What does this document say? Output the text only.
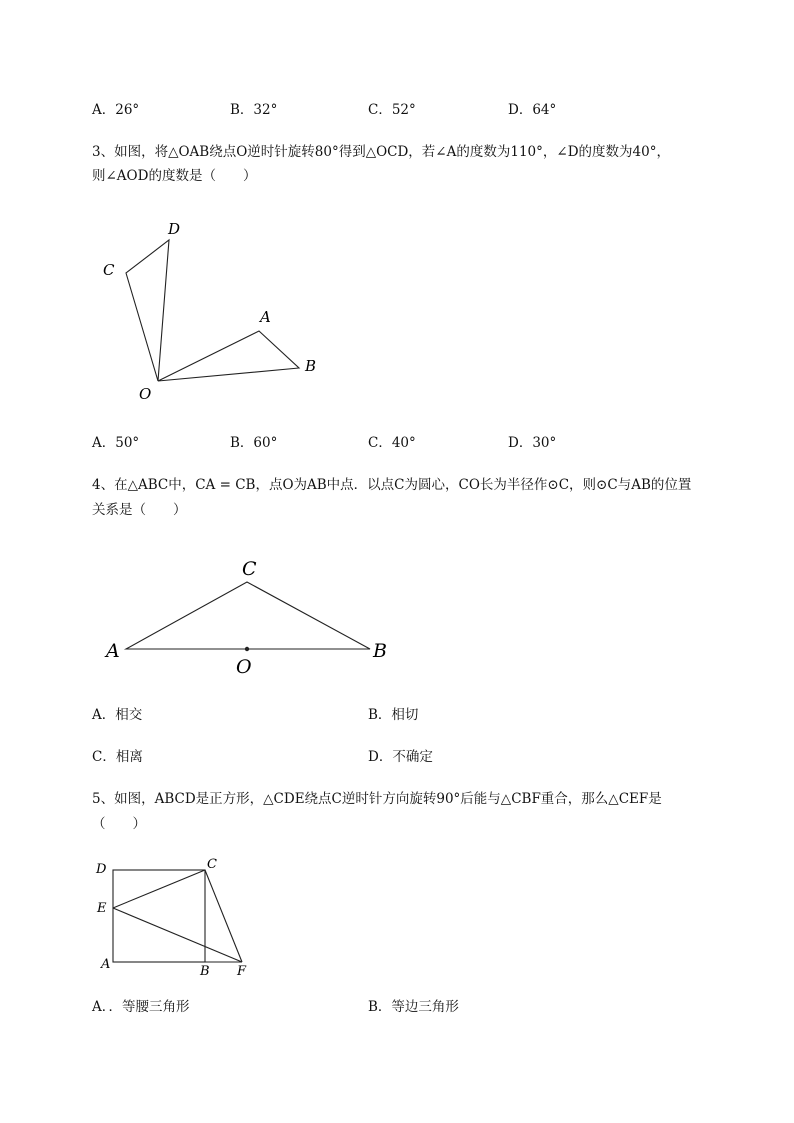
A．26°	B．32°	C．52°	D．64°
3、如图，将△OAB绕点O逆时针旋转80°得到△OCD，若∠A的度数为110°，∠D的度数为40°，
则∠AOD的度数是（　　）
C
D
A
B
O
A．50°	B．60°	C．40°	D．30°
4、在△ABC中，CA = CB，点O为AB中点．以点C为圆心，CO长为半径作⊙C，则⊙C与AB的位置
关系是（　　）
C
A	B
O
A．相交	B．相切
C．相离	D．不确定
5、如图，ABCD是正方形，△CDE绕点C逆时针方向旋转90°后能与△CBF重合，那么△CEF是
（　　）
D	C
E
A	B F
A．．等腰三角形	B．等边三角形
